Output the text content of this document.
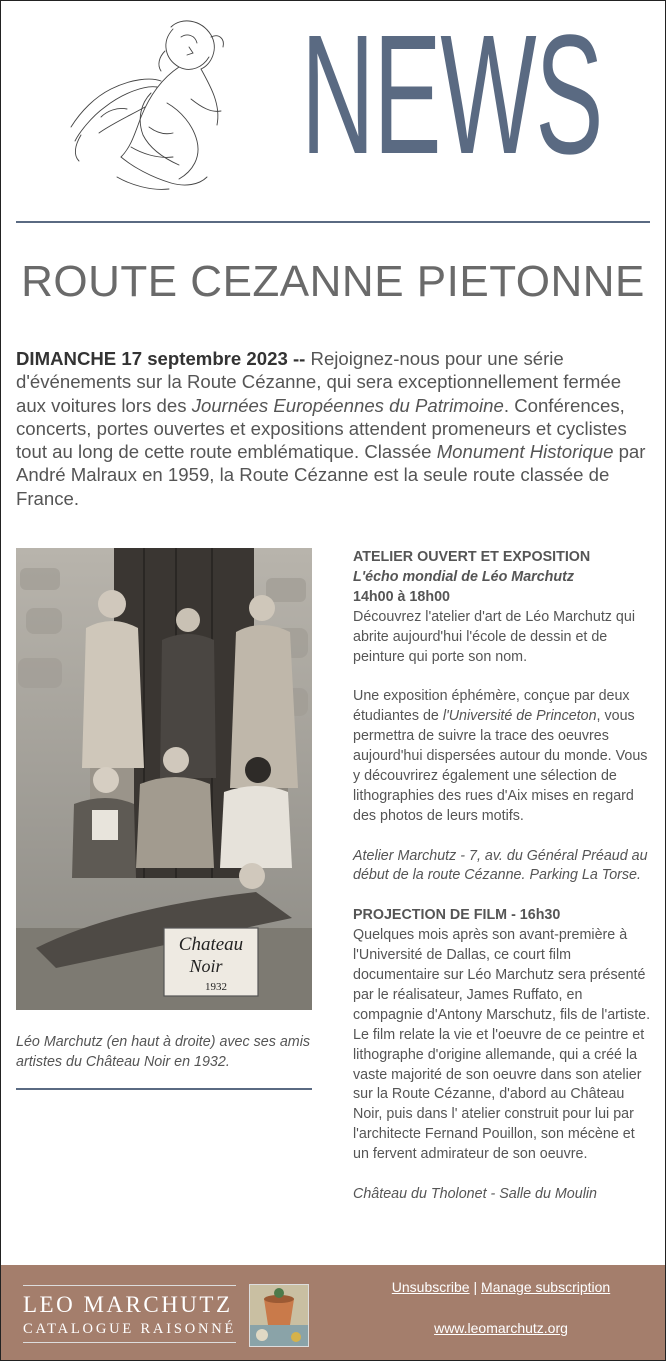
NEWS
ROUTE CEZANNE PIETONNE
DIMANCHE 17 septembre 2023 -- Rejoignez-nous pour une série d'événements sur la Route Cézanne, qui sera exceptionnellement fermée aux voitures lors des Journées Européennes du Patrimoine. Conférences, concerts, portes ouvertes et expositions attendent promeneurs et cyclistes tout au long de cette route emblématique. Classée Monument Historique par André Malraux en 1959, la Route Cézanne est la seule route classée de France.
Chateau
Noir
1932
Léo Marchutz (en haut à droite) avec ses amis artistes du Château Noir en 1932.

ATELIER OUVERT ET EXPOSITION

L'écho mondial de Léo Marchutz

14h00 à 18h00

Découvrez l'atelier d'art de Léo Marchutz qui abrite aujourd'hui l'école de dessin et de peinture qui porte son nom.

Une exposition éphémère, conçue par deux étudiantes de l'Université de Princeton, vous permettra de suivre la trace des oeuvres aujourd'hui dispersées autour du monde. Vous y découvrirez également une sélection de lithographies des rues d'Aix mises en regard des photos de leurs motifs.

Atelier Marchutz - 7, av. du Général Préaud au début de la route Cézanne. Parking La Torse.

PROJECTION DE FILM - 16h30

Quelques mois après son avant-première à l'Université de Dallas, ce court film documentaire sur Léo Marchutz sera présenté par le réalisateur, James Ruffato, en compagnie d'Antony Marschutz, fils de l'artiste. Le film relate la vie et l'oeuvre de ce peintre et lithographe d'origine allemande, qui a créé la vaste majorité de son oeuvre dans son atelier sur la Route Cézanne, d'abord au Château Noir, puis dans l' atelier construit pour lui par l'architecte Fernand Pouillon, son mécène et un fervent admirateur de son oeuvre.

Château du Tholonet - Salle du Moulin

LEO MARCHUTZ
CATALOGUE RAISONNÉ
Unsubscribe | Manage subscription
www.leomarchutz.org
